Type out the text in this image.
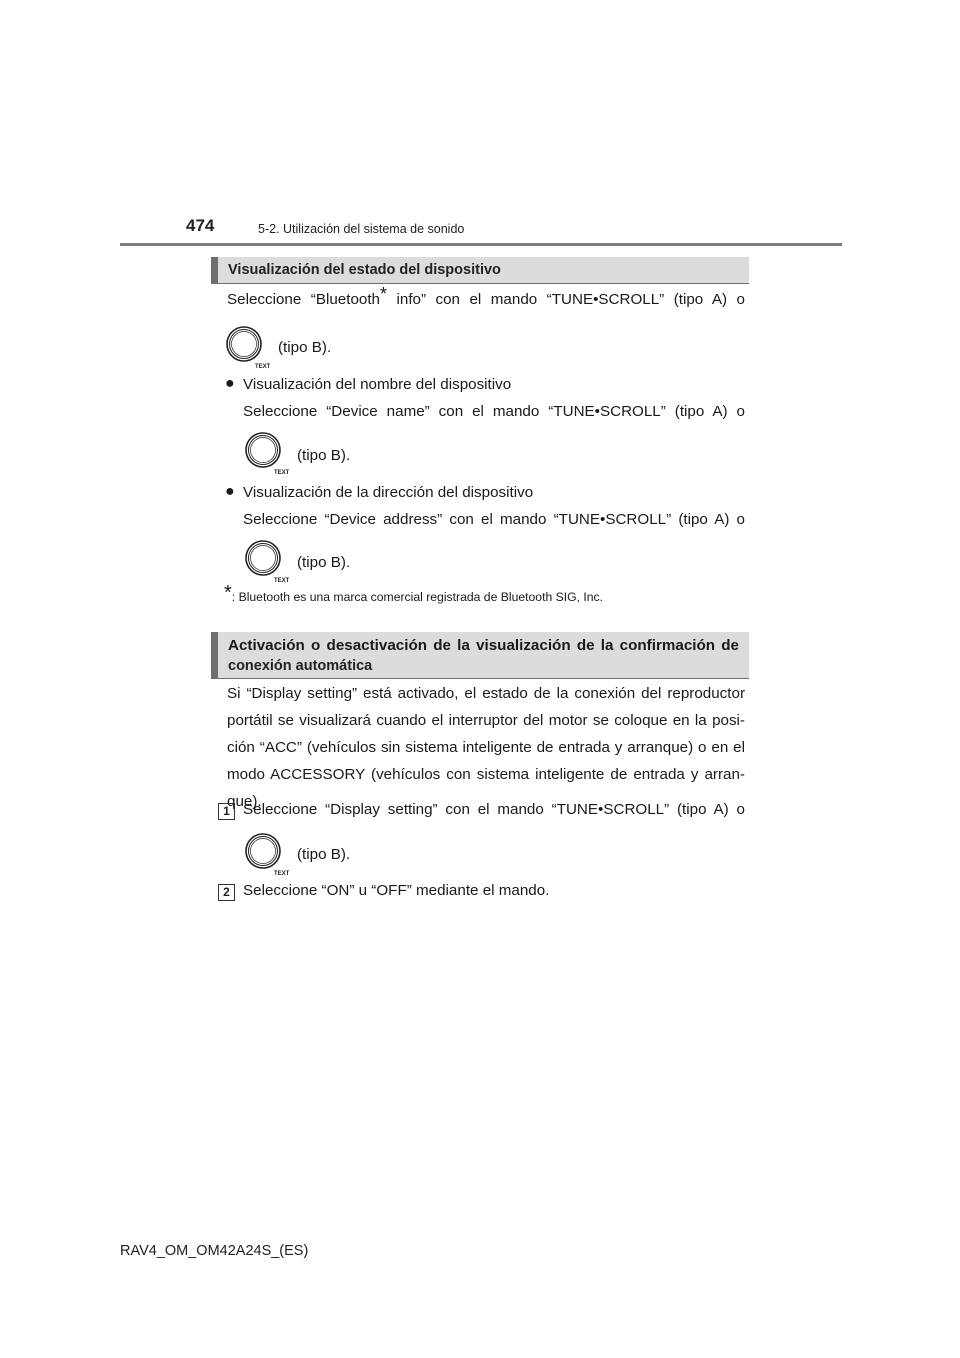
474	5-2. Utilización del sistema de sonido
Visualización del estado del dispositivo
Seleccione “Bluetooth* info” con el mando “TUNE•SCROLL” (tipo A) o
TEXT
(tipo B).
● Visualización del nombre del dispositivo
Seleccione “Device name” con el mando “TUNE•SCROLL” (tipo A) o
TEXT
(tipo B).
● Visualización de la dirección del dispositivo
Seleccione “Device address” con el mando “TUNE•SCROLL” (tipo A) o
TEXT
(tipo B).
*: Bluetooth es una marca comercial registrada de Bluetooth SIG, Inc.
Activación o desactivación de la visualización de la confirmación de
conexión automática
Si “Display setting” está activado, el estado de la conexión del reproductor
portátil se visualizará cuando el interruptor del motor se coloque en la posi-
ción “ACC” (vehículos sin sistema inteligente de entrada y arranque) o en el
modo ACCESSORY (vehículos con sistema inteligente de entrada y arran-
que).
1 Seleccione “Display setting” con el mando “TUNE•SCROLL” (tipo A) o
TEXT
(tipo B).
2 Seleccione “ON” u “OFF” mediante el mando.
RAV4_OM_OM42A24S_(ES)
